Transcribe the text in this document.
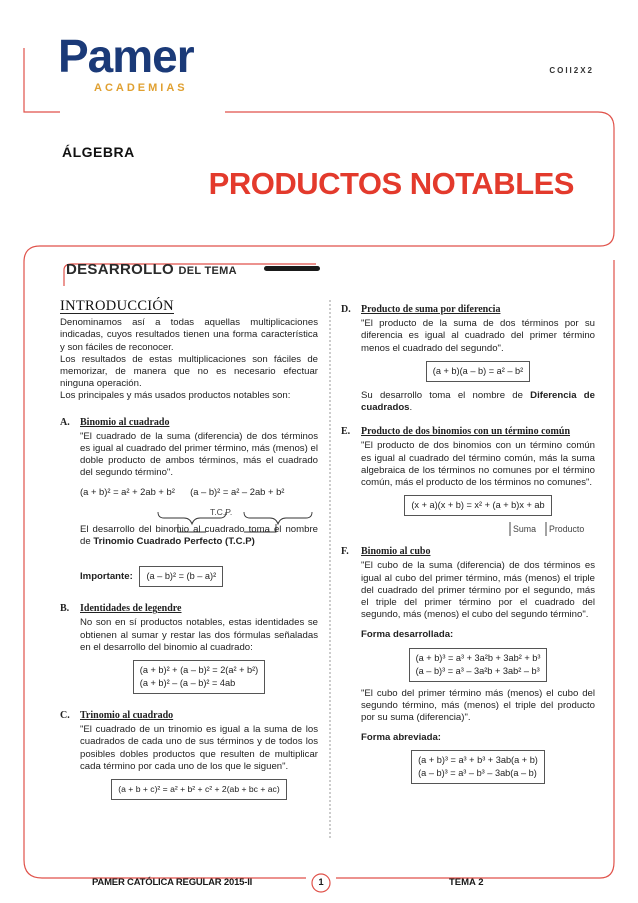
Pamer
ACADEMIAS
COII2X2
ÁLGEBRA
PRODUCTOS NOTABLES
DESARROLLO DEL TEMA
INTRODUCCIÓN

Denominamos así a todas aquellas multiplicaciones indicadas, cuyos resultados tienen una forma característica y son fáciles de reconocer.

Los resultados de estas multiplicaciones son fáciles de memorizar, de manera que no es necesario efectuar ninguna operación.

Los principales y más usados productos notables son:

A. Binomio al cuadrado

"El cuadrado de la suma (diferencia) de dos términos es igual al cuadrado del primer término, más (menos) el doble producto de ambos términos, más el cuadrado del segundo término".

(a + b)² = a² + 2ab + b² (a – b)² = a² – 2ab + b²
T.C.P.

El desarrollo del binomio al cuadrado toma el nombre de Trinomio Cuadrado Perfecto (T.C.P)

Importante: (a – b)² = (b – a)²
B. Identidades de legendre

No son en sí productos notables, estas identidades se obtienen al sumar y restar las dos fórmulas señaladas en el desarrollo del binomio al cuadrado:

(a + b)² + (a – b)² = 2(a² + b²)
(a + b)² – (a – b)² = 4ab
C. Trinomio al cuadrado

"El cuadrado de un trinomio es igual a la suma de los cuadrados de cada uno de sus términos y de todos los posibles dobles productos que resulten de multiplicar cada término por cada uno de los que le siguen".

(a + b + c)² = a² + b² + c² + 2(ab + bc + ac)
D. Producto de suma por diferencia

"El producto de la suma de dos términos por su diferencia es igual al cuadrado del primer término menos el cuadrado del segundo".

(a + b)(a – b) = a² – b²

Su desarrollo toma el nombre de Diferencia de cuadrados.

E. Producto de dos binomios con un término común

"El producto de dos binomios con un término común es igual al cuadrado del término común, más la suma algebraica de los términos no comunes por el término común, más el producto de los términos no comunes".

(x + a)(x + b) = x² + (a + b)x + ab
Suma Producto
F. Binomio al cubo

"El cubo de la suma (diferencia) de dos términos es igual al cubo del primer término, más (menos) el triple del cuadrado del primer término por el segundo, más el triple del primer término por el cuadrado del segundo, más (menos) el cubo del segundo término".

Forma desarrollada:

(a + b)³ = a³ + 3a²b + 3ab² + b³
(a – b)³ = a³ – 3a²b + 3ab² – b³

"El cubo del primer término más (menos) el cubo del segundo término, más (menos) el triple del producto por su suma (diferencia)".

Forma abreviada:

(a + b)³ = a³ + b³ + 3ab(a + b)
(a – b)³ = a³ – b³ – 3ab(a – b)
PAMER CATÓLICA REGULAR 2015-II	1	TEMA 2
